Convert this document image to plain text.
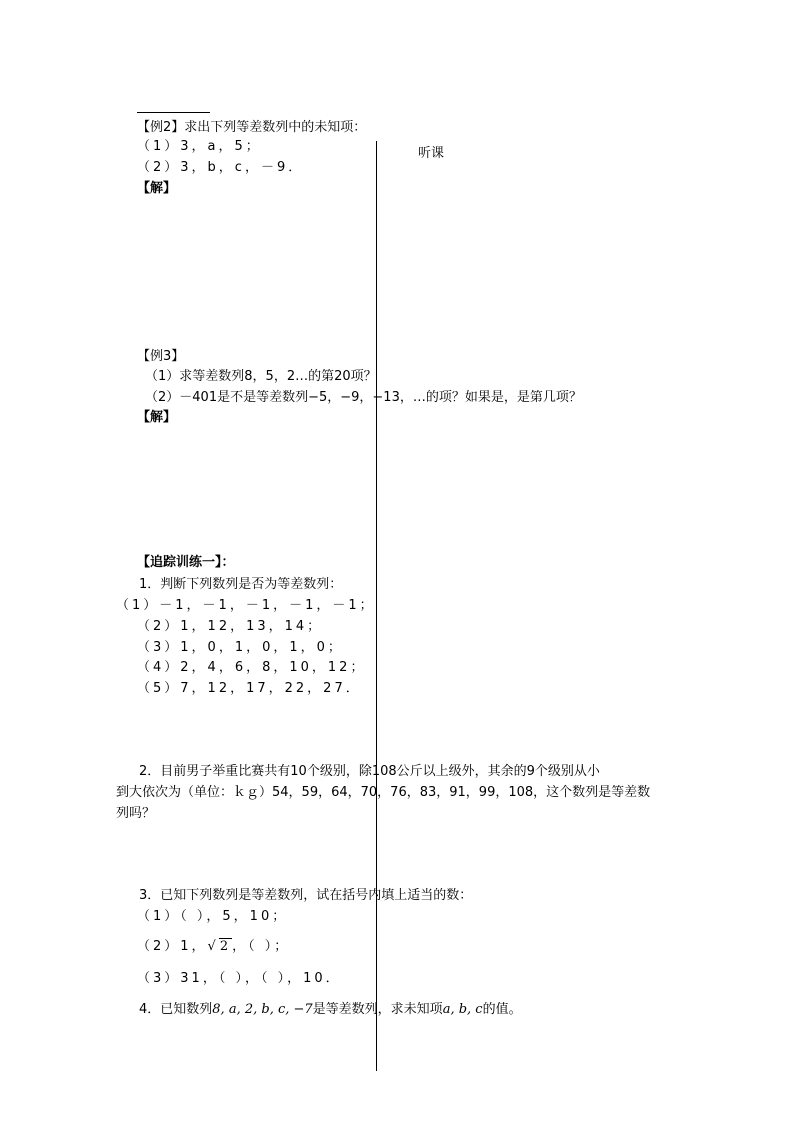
【例2】求出下列等差数列中的未知项：
（1）3，a，5；
（2）3，b，c，－9．
【解】
听课
【例3】
（1）求等差数列8，5，2…的第20项？
（2）－401是不是等差数列−5，−9，−13，…的项？如果是，是第几项？
【解】
【追踪训练一】：
1．判断下列数列是否为等差数列：
（1）－1，－1，－1，－1，－1；
（2）1，12，13，14；
（3）1，0，1，0，1，0；
（4）2，4，6，8，10，12；
（5）7，12，17，22，27．
2．目前男子举重比赛共有10个级别，除108公斤以上级外，其余的9个级别从小
到大依次为（单位：ｋｇ）54，59，64，70，76，83，91，99，108，这个数列是等差数
列吗？
3．已知下列数列是等差数列，试在括号内填上适当的数：
（1）（ ），5，10；
（2）1，√2，（ ）；
（3）31，（ ），（ ），10．
4．已知数列8, a, 2, b, c, −7是等差数列，求未知项a, b, c的值。
